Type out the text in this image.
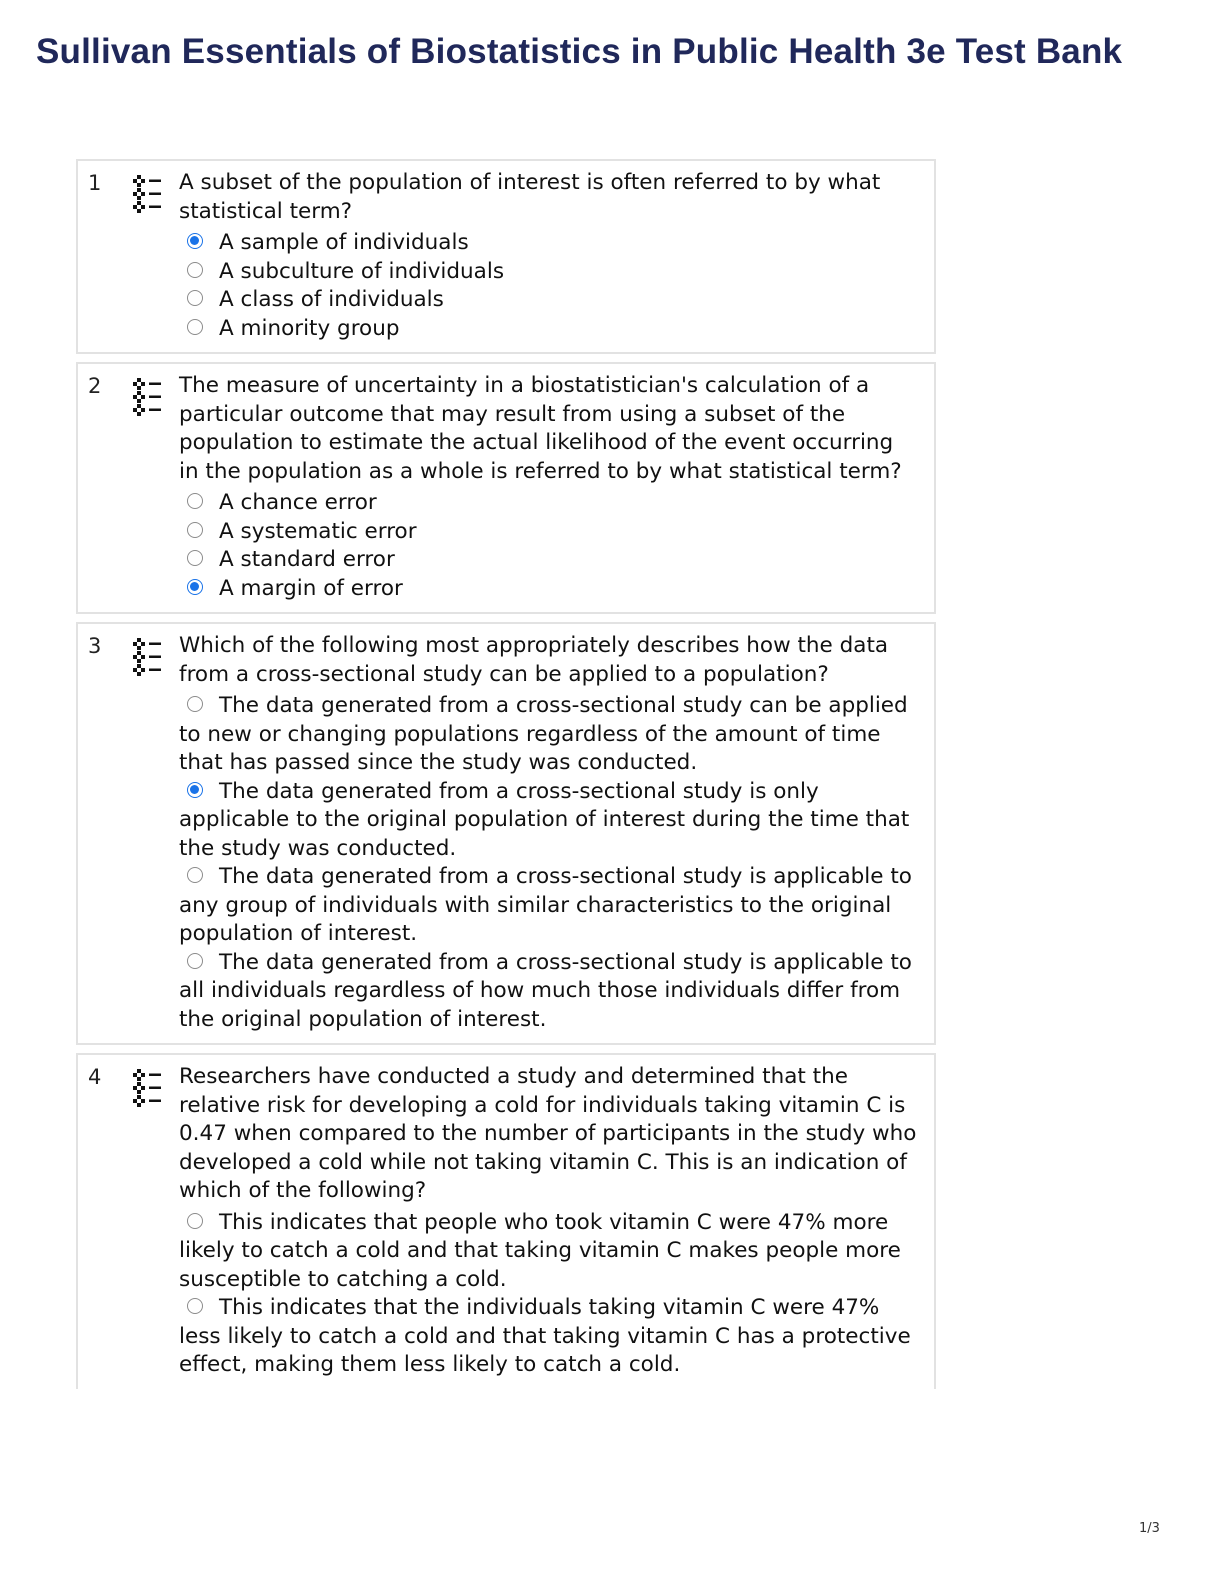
Sullivan Essentials of Biostatistics in Public Health 3e Test Bank
1	A subset of the population of interest is often referred to by what statistical term?

A sample of individuals
A subculture of individuals
A class of individuals
A minority group
2	The measure of uncertainty in a biostatistician's calculation of a particular outcome that may result from using a subset of the population to estimate the actual likelihood of the event occurring in the population as a whole is referred to by what statistical term?

A chance error
A systematic error
A standard error
A margin of error
3	Which of the following most appropriately describes how the data from a cross-sectional study can be applied to a population?

The data generated from a cross-sectional study can be applied to new or changing populations regardless of the amount of time that has passed since the study was conducted.
The data generated from a cross-sectional study is only applicable to the original population of interest during the time that the study was conducted.
The data generated from a cross-sectional study is applicable to any group of individuals with similar characteristics to the original population of interest.
The data generated from a cross-sectional study is applicable to all individuals regardless of how much those individuals differ from the original population of interest.
4	Researchers have conducted a study and determined that the relative risk for developing a cold for individuals taking vitamin C is 0.47 when compared to the number of participants in the study who developed a cold while not taking vitamin C. This is an indication of which of the following?

This indicates that people who took vitamin C were 47% more likely to catch a cold and that taking vitamin C makes people more susceptible to catching a cold.
This indicates that the individuals taking vitamin C were 47% less likely to catch a cold and that taking vitamin C has a protective effect, making them less likely to catch a cold.
1/3
